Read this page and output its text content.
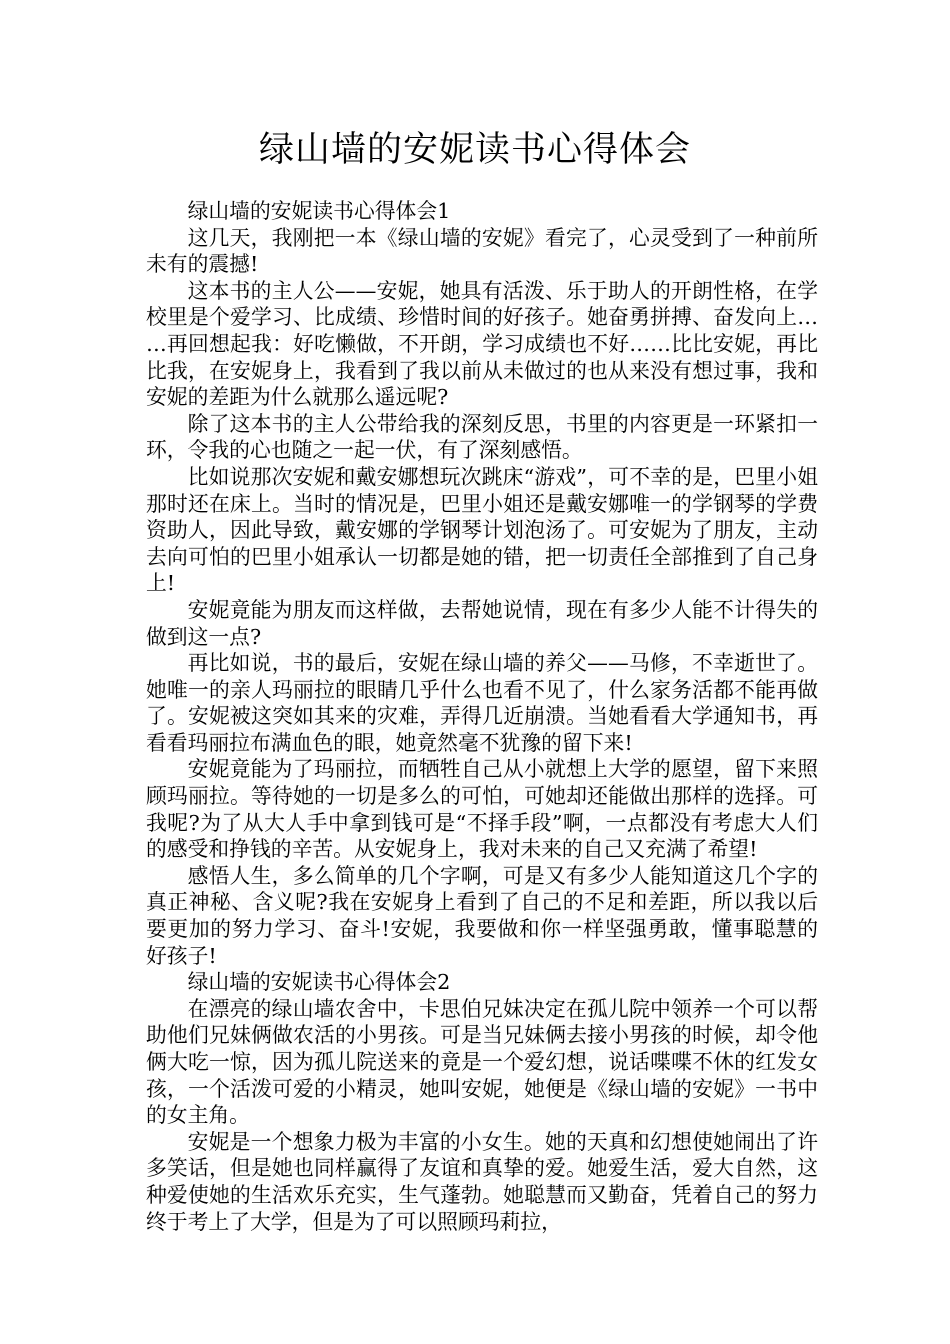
绿山墙的安妮读书心得体会

绿山墙的安妮读书心得体会1

这几天，我刚把一本《绿山墙的安妮》看完了，心灵受到了一种前所未有的震撼!

这本书的主人公——安妮，她具有活泼、乐于助人的开朗性格，在学校里是个爱学习、比成绩、珍惜时间的好孩子。她奋勇拼搏、奋发向上……再回想起我：好吃懒做，不开朗，学习成绩也不好……比比安妮，再比比我，在安妮身上，我看到了我以前从未做过的也从来没有想过事，我和安妮的差距为什么就那么遥远呢?

除了这本书的主人公带给我的深刻反思，书里的内容更是一环紧扣一环，令我的心也随之一起一伏，有了深刻感悟。

比如说那次安妮和戴安娜想玩次跳床“游戏”，可不幸的是，巴里小姐那时还在床上。当时的情况是，巴里小姐还是戴安娜唯一的学钢琴的学费资助人，因此导致，戴安娜的学钢琴计划泡汤了。可安妮为了朋友，主动去向可怕的巴里小姐承认一切都是她的错，把一切责任全部推到了自己身上!

安妮竟能为朋友而这样做，去帮她说情，现在有多少人能不计得失的做到这一点?

再比如说，书的最后，安妮在绿山墙的养父——马修，不幸逝世了。她唯一的亲人玛丽拉的眼睛几乎什么也看不见了，什么家务活都不能再做了。安妮被这突如其来的灾难，弄得几近崩溃。当她看看大学通知书，再看看玛丽拉布满血色的眼，她竟然毫不犹豫的留下来!

安妮竟能为了玛丽拉，而牺牲自己从小就想上大学的愿望，留下来照顾玛丽拉。等待她的一切是多么的可怕，可她却还能做出那样的选择。可我呢?为了从大人手中拿到钱可是“不择手段”啊，一点都没有考虑大人们的感受和挣钱的辛苦。从安妮身上，我对未来的自己又充满了希望!

感悟人生，多么简单的几个字啊，可是又有多少人能知道这几个字的真正神秘、含义呢?我在安妮身上看到了自己的不足和差距，所以我以后要更加的努力学习、奋斗!安妮，我要做和你一样坚强勇敢，懂事聪慧的好孩子!

绿山墙的安妮读书心得体会2

在漂亮的绿山墙农舍中，卡思伯兄妹决定在孤儿院中领养一个可以帮助他们兄妹俩做农活的小男孩。可是当兄妹俩去接小男孩的时候，却令他俩大吃一惊，因为孤儿院送来的竟是一个爱幻想，说话喋喋不休的红发女孩，一个活泼可爱的小精灵，她叫安妮，她便是《绿山墙的安妮》一书中的女主角。

安妮是一个想象力极为丰富的小女生。她的天真和幻想使她闹出了许多笑话，但是她也同样赢得了友谊和真挚的爱。她爱生活，爱大自然，这种爱使她的生活欢乐充实，生气蓬勃。她聪慧而又勤奋，凭着自己的努力终于考上了大学，但是为了可以照顾玛莉拉，
